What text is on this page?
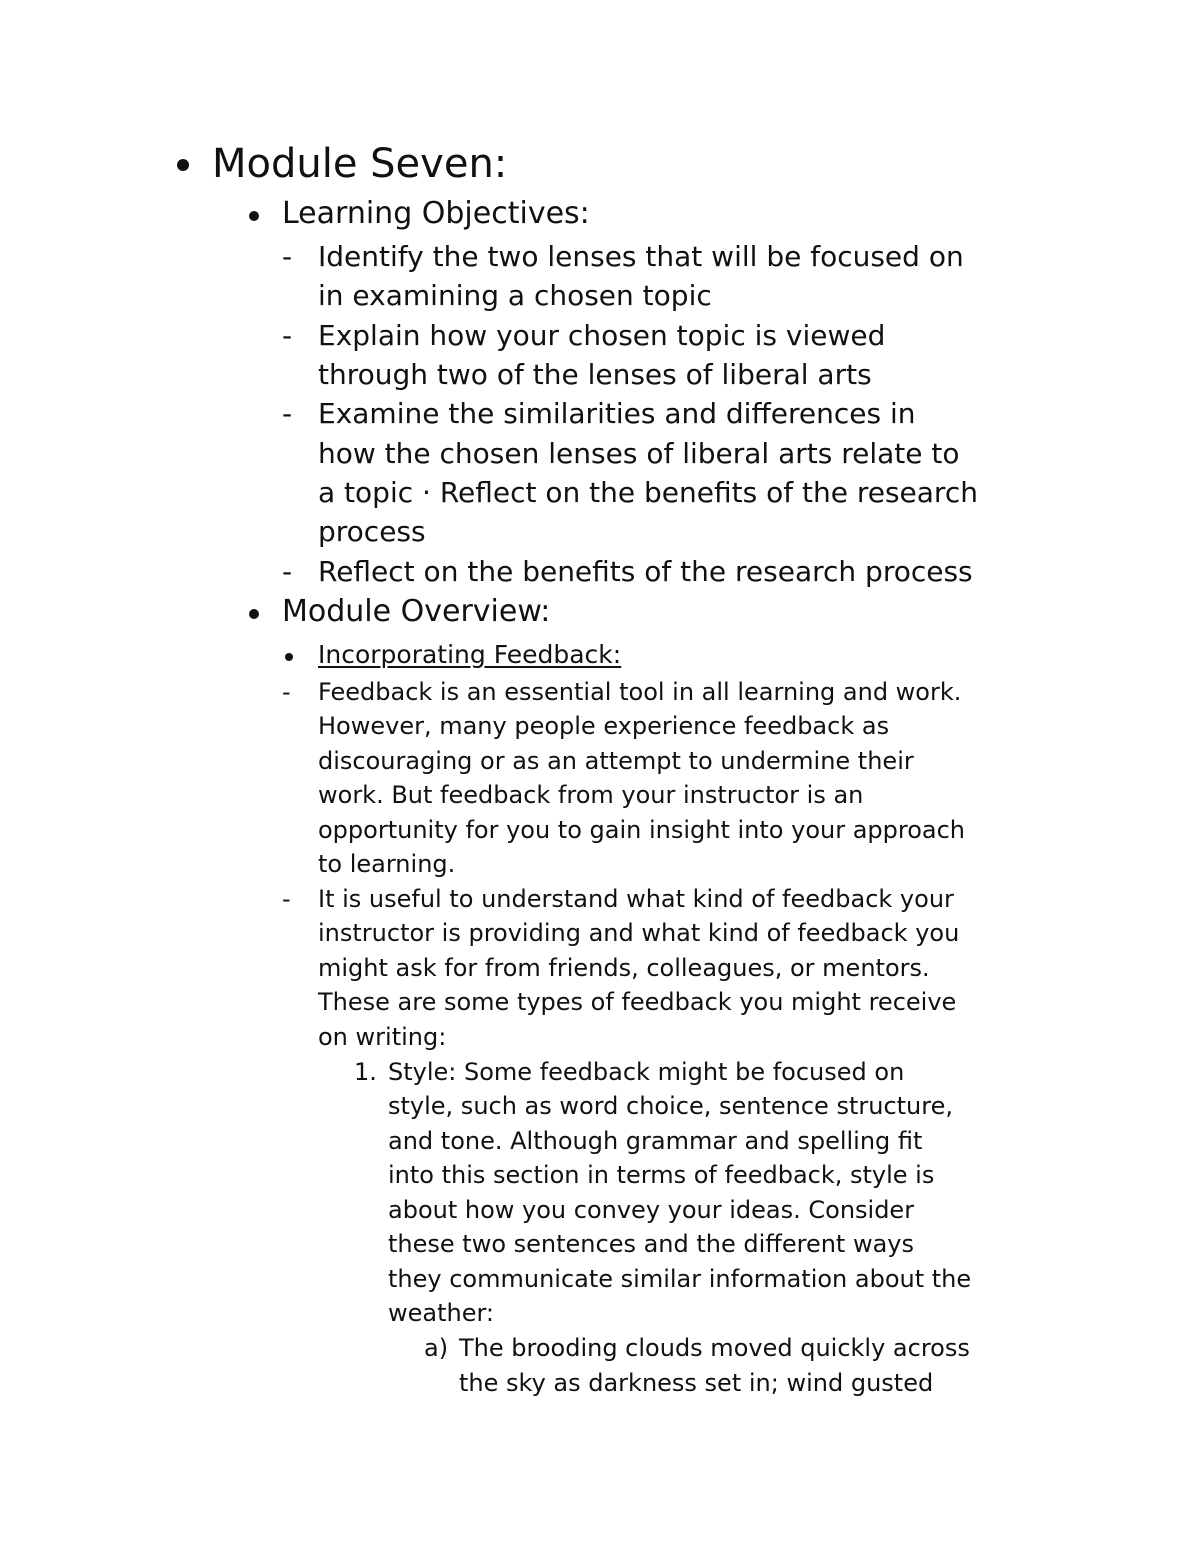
Module Seven:
Learning Objectives:
- Identify the two lenses that will be focused on
in examining a chosen topic
- Explain how your chosen topic is viewed
through two of the lenses of liberal arts
- Examine the similarities and differences in
how the chosen lenses of liberal arts relate to
a topic · Reflect on the benefits of the research
process
- Reflect on the benefits of the research process
Module Overview:
Incorporating Feedback:
- Feedback is an essential tool in all learning and work.
However, many people experience feedback as
discouraging or as an attempt to undermine their
work. But feedback from your instructor is an
opportunity for you to gain insight into your approach
to learning.
- It is useful to understand what kind of feedback your
instructor is providing and what kind of feedback you
might ask for from friends, colleagues, or mentors.
These are some types of feedback you might receive
on writing:
1. Style: Some feedback might be focused on
style, such as word choice, sentence structure,
and tone. Although grammar and spelling fit
into this section in terms of feedback, style is
about how you convey your ideas. Consider
these two sentences and the different ways
they communicate similar information about the
weather:
a) The brooding clouds moved quickly across
the sky as darkness set in; wind gusted
